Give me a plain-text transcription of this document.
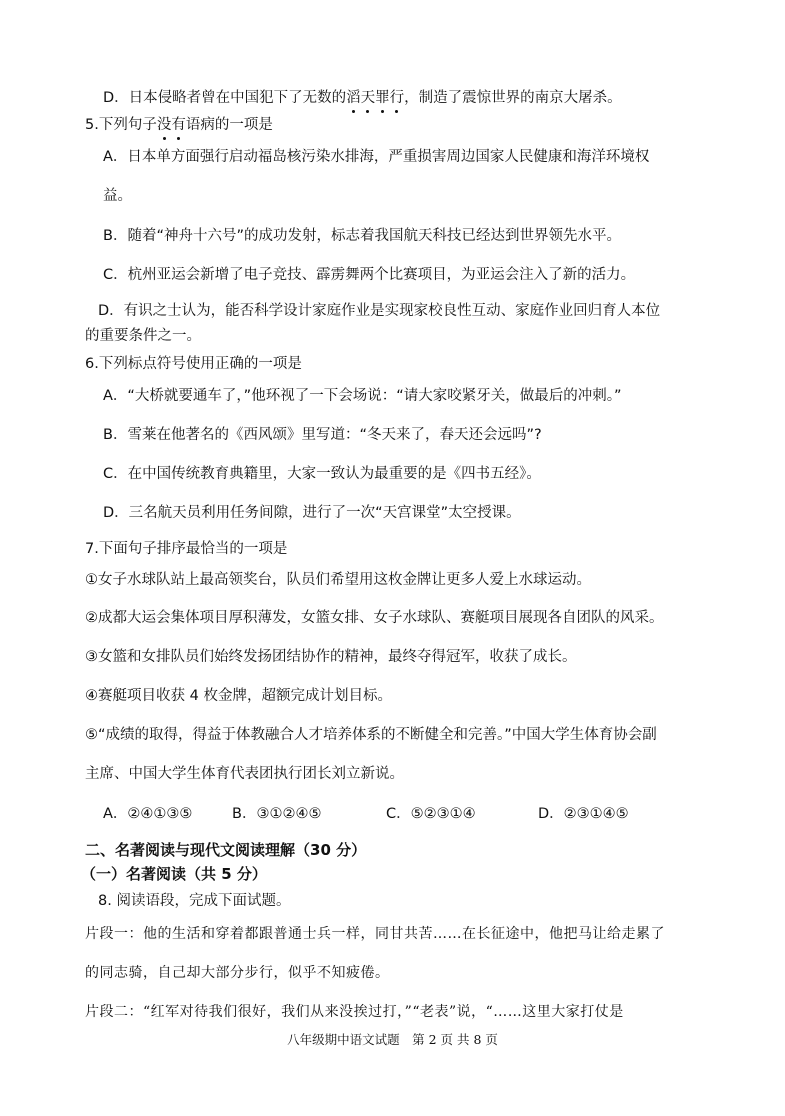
D．日本侵略者曾在中国犯下了无数的滔天罪行，制造了震惊世界的南京大屠杀。
5.下列句子没有语病的一项是
A．日本单方面强行启动福岛核污染水排海，严重损害周边国家人民健康和海洋环境权
益。
B．随着“神舟十六号”的成功发射，标志着我国航天科技已经达到世界领先水平。
C．杭州亚运会新增了电子竞技、霹雳舞两个比赛项目，为亚运会注入了新的活力。
D．有识之士认为，能否科学设计家庭作业是实现家校良性互动、家庭作业回归育人本位
的重要条件之一。
6.下列标点符号使用正确的一项是
A．“大桥就要通车了，”他环视了一下会场说：“请大家咬紧牙关，做最后的冲刺。”
B．雪莱在他著名的《西风颂》里写道：“冬天来了，春天还会远吗”?
C．在中国传统教育典籍里，大家一致认为最重要的是《四书五经》。
D．三名航天员利用任务间隙，进行了一次“天宫课堂”太空授课。
7.下面句子排序最恰当的一项是
①女子水球队站上最高领奖台，队员们希望用这枚金牌让更多人爱上水球运动。
②成都大运会集体项目厚积薄发，女篮女排、女子水球队、赛艇项目展现各自团队的风采。
③女篮和女排队员们始终发扬团结协作的精神，最终夺得冠军，收获了成长。
④赛艇项目收获 4 枚金牌，超额完成计划目标。
⑤“成绩的取得，得益于体教融合人才培养体系的不断健全和完善。”中国大学生体育协会副
主席、中国大学生体育代表团执行团长刘立新说。
A．②④①③⑤	B．③①②④⑤	C．⑤②③①④	D．②③①④⑤
二、名著阅读与现代文阅读理解（30 分）
（一）名著阅读（共 5 分）
8. 阅读语段，完成下面试题。
片段一：他的生活和穿着都跟普通士兵一样，同甘共苦……在长征途中，他把马让给走累了
的同志骑，自己却大部分步行，似乎不知疲倦。
片段二：“红军对待我们很好，我们从来没挨过打，”“老表”说，“……这里大家打仗是
八年级期中语文试题　第 2 页 共 8 页
